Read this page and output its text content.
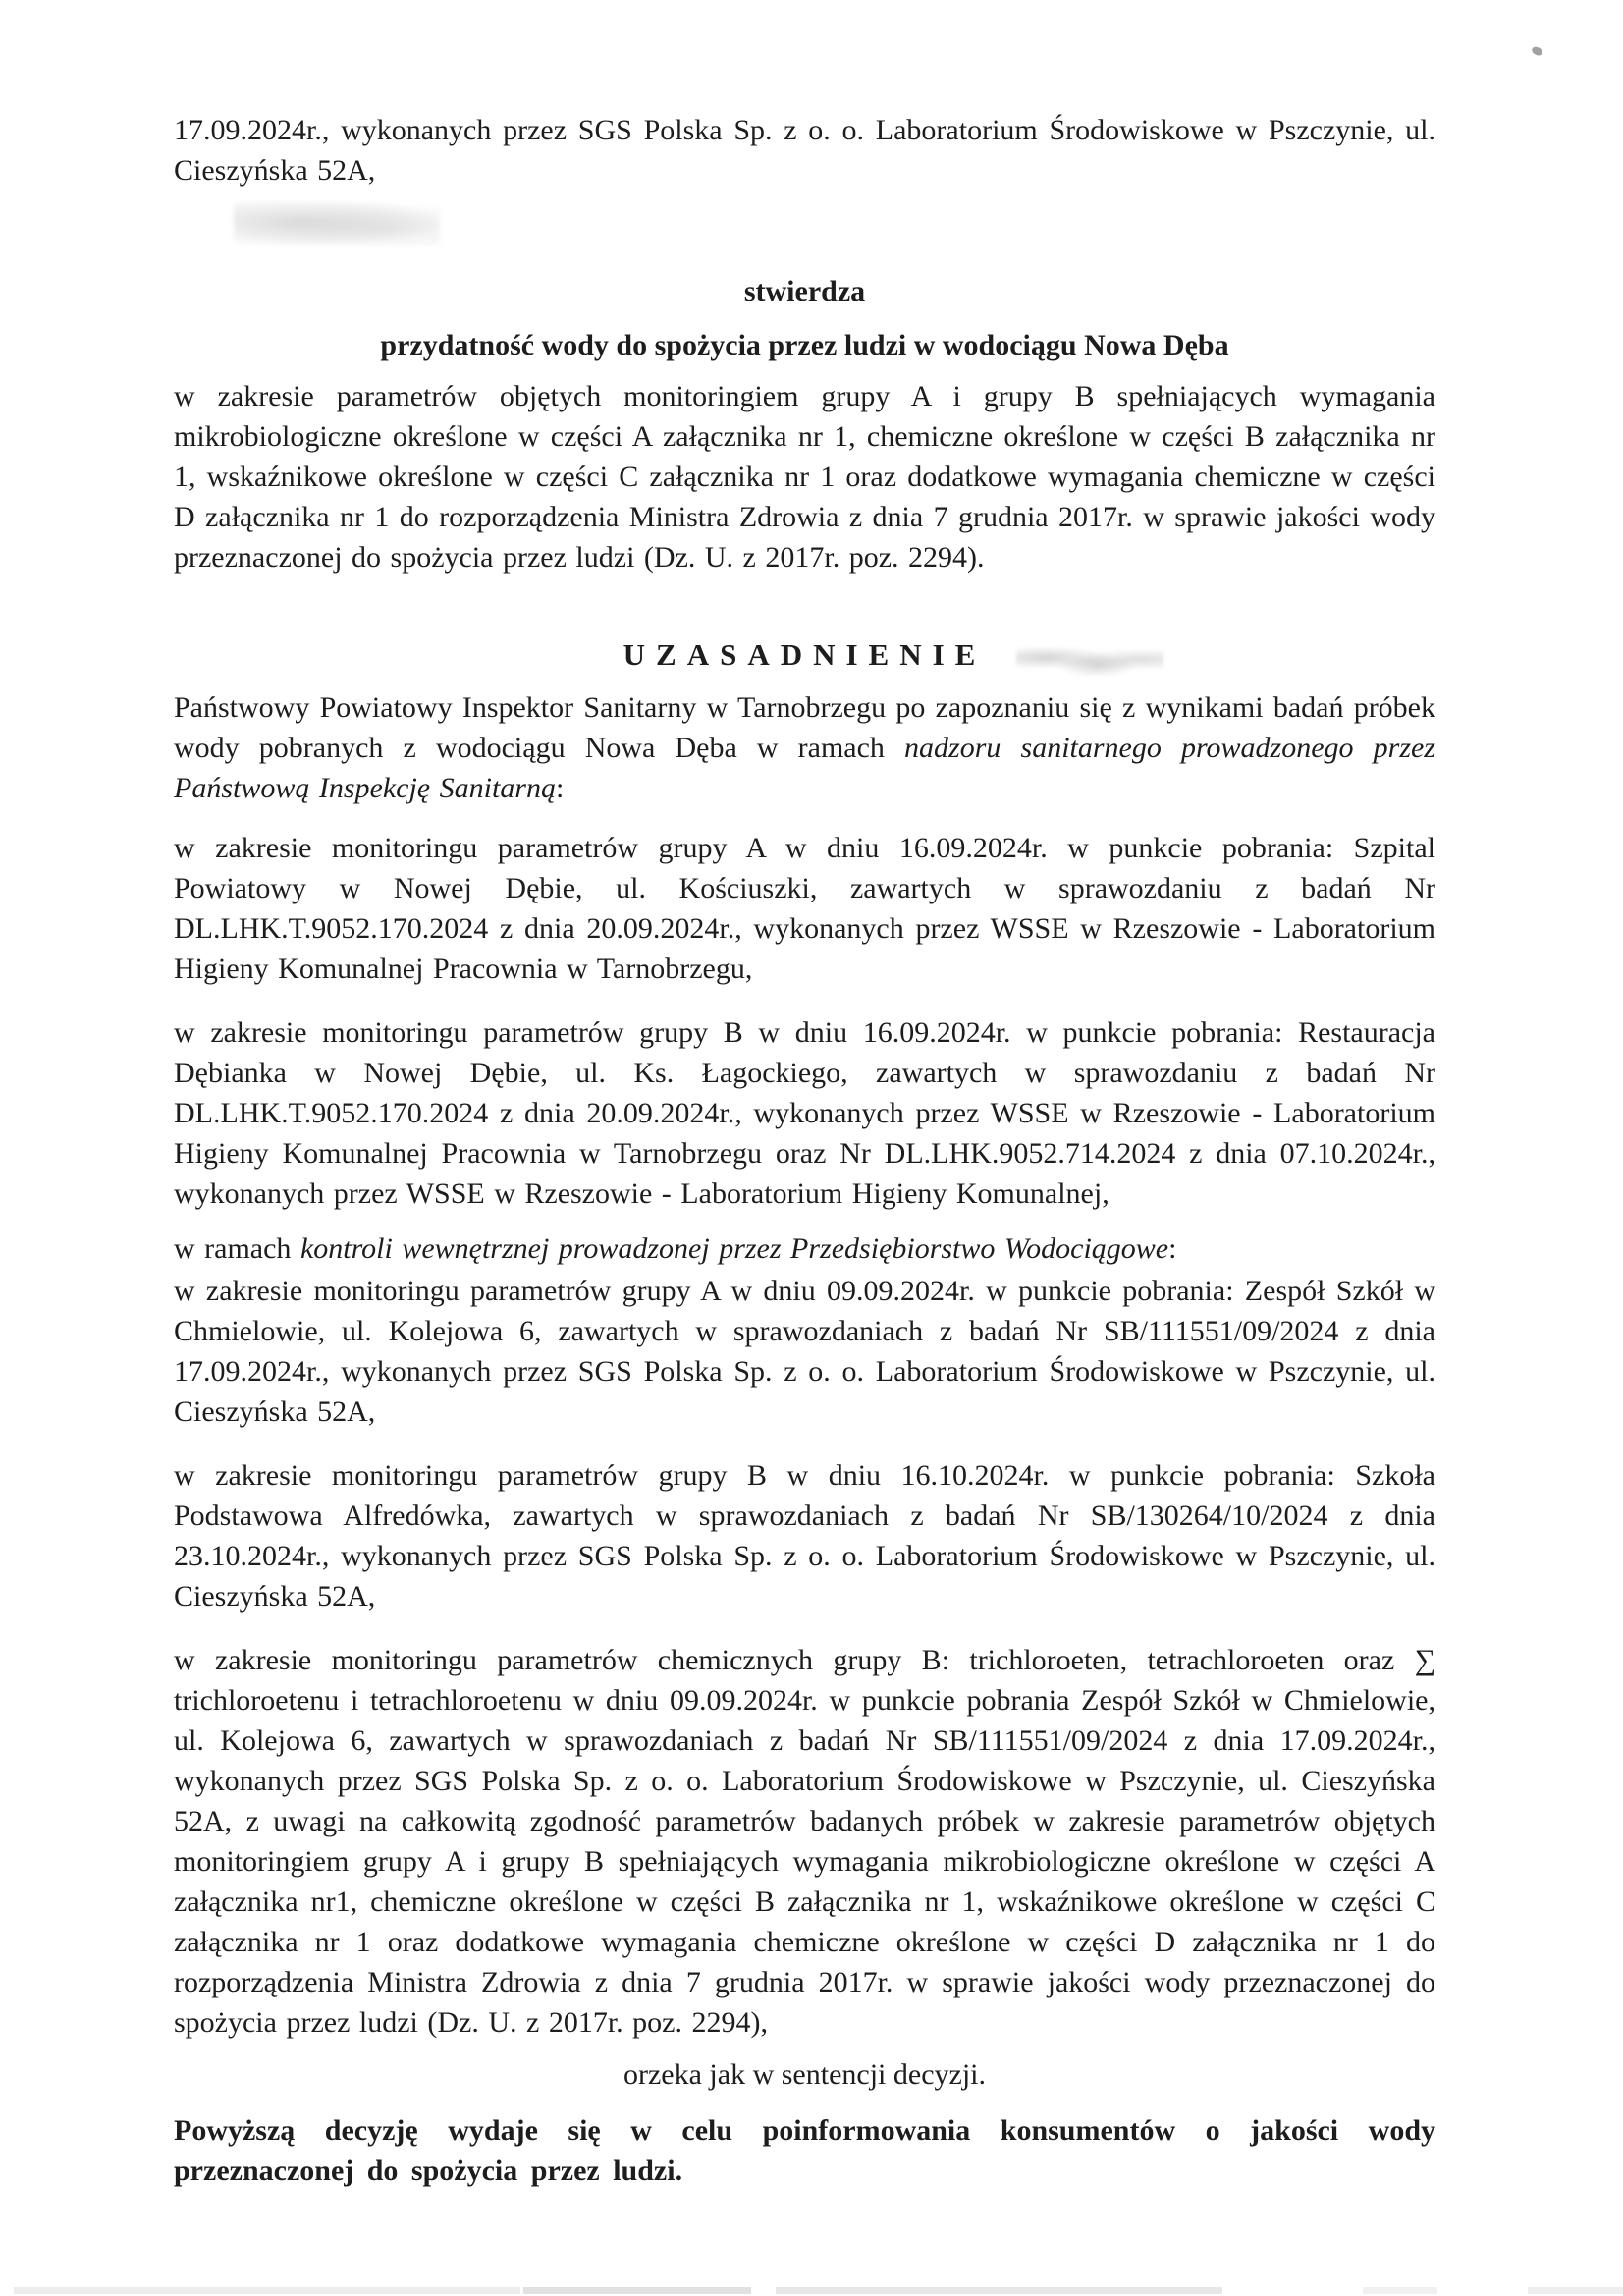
17.09.2024r., wykonanych przez SGS Polska Sp. z o. o. Laboratorium Środowiskowe w Pszczynie, ul. Cieszyńska 52A,

stwierdza
przydatność wody do spożycia przez ludzi w wodociągu Nowa Dęba

w zakresie parametrów objętych monitoringiem grupy A i grupy B spełniających wymagania mikrobiologiczne określone w części A załącznika nr 1, chemiczne określone w części B załącznika nr 1, wskaźnikowe określone w części C załącznika nr 1 oraz dodatkowe wymagania chemiczne w części D załącznika nr 1 do rozporządzenia Ministra Zdrowia z dnia 7 grudnia 2017r. w sprawie jakości wody przeznaczonej do spożycia przez ludzi (Dz. U. z 2017r. poz. 2294).

UZASADNIENIE

Państwowy Powiatowy Inspektor Sanitarny w Tarnobrzegu po zapoznaniu się z wynikami badań próbek wody pobranych z wodociągu Nowa Dęba w ramach nadzoru sanitarnego prowadzonego przez Państwową Inspekcję Sanitarną:

w zakresie monitoringu parametrów grupy A w dniu 16.09.2024r. w punkcie pobrania: Szpital Powiatowy w Nowej Dębie, ul. Kościuszki, zawartych w sprawozdaniu z badań Nr DL.LHK.T.9052.170.2024 z dnia 20.09.2024r., wykonanych przez WSSE w Rzeszowie - Laboratorium Higieny Komunalnej Pracownia w Tarnobrzegu,

w zakresie monitoringu parametrów grupy B w dniu 16.09.2024r. w punkcie pobrania: Restauracja Dębianka w Nowej Dębie, ul. Ks. Łagockiego, zawartych w sprawozdaniu z badań Nr DL.LHK.T.9052.170.2024 z dnia 20.09.2024r., wykonanych przez WSSE w Rzeszowie - Laboratorium Higieny Komunalnej Pracownia w Tarnobrzegu oraz Nr DL.LHK.9052.714.2024 z dnia 07.10.2024r., wykonanych przez WSSE w Rzeszowie - Laboratorium Higieny Komunalnej,

w ramach kontroli wewnętrznej prowadzonej przez Przedsiębiorstwo Wodociągowe:

w zakresie monitoringu parametrów grupy A w dniu 09.09.2024r. w punkcie pobrania: Zespół Szkół w Chmielowie, ul. Kolejowa 6, zawartych w sprawozdaniach z badań Nr SB/111551/09/2024 z dnia 17.09.2024r., wykonanych przez SGS Polska Sp. z o. o. Laboratorium Środowiskowe w Pszczynie, ul. Cieszyńska 52A,

w zakresie monitoringu parametrów grupy B w dniu 16.10.2024r. w punkcie pobrania: Szkoła Podstawowa Alfredówka, zawartych w sprawozdaniach z badań Nr SB/130264/10/2024 z dnia 23.10.2024r., wykonanych przez SGS Polska Sp. z o. o. Laboratorium Środowiskowe w Pszczynie, ul. Cieszyńska 52A,

w zakresie monitoringu parametrów chemicznych grupy B: trichloroeten, tetrachloroeten oraz ∑ trichloroetenu i tetrachloroetenu w dniu 09.09.2024r. w punkcie pobrania Zespół Szkół w Chmielowie, ul. Kolejowa 6, zawartych w sprawozdaniach z badań Nr SB/111551/09/2024 z dnia 17.09.2024r., wykonanych przez SGS Polska Sp. z o. o. Laboratorium Środowiskowe w Pszczynie, ul. Cieszyńska 52A, z uwagi na całkowitą zgodność parametrów badanych próbek w zakresie parametrów objętych monitoringiem grupy A i grupy B spełniających wymagania mikrobiologiczne określone w części A załącznika nr1, chemiczne określone w części B załącznika nr 1, wskaźnikowe określone w części C załącznika nr 1 oraz dodatkowe wymagania chemiczne określone w części D załącznika nr 1 do rozporządzenia Ministra Zdrowia z dnia 7 grudnia 2017r. w sprawie jakości wody przeznaczonej do spożycia przez ludzi (Dz. U. z 2017r. poz. 2294),

orzeka jak w sentencji decyzji.

Powyższą decyzję wydaje się w celu poinformowania konsumentów o jakości wody przeznaczonej do spożycia przez ludzi.
